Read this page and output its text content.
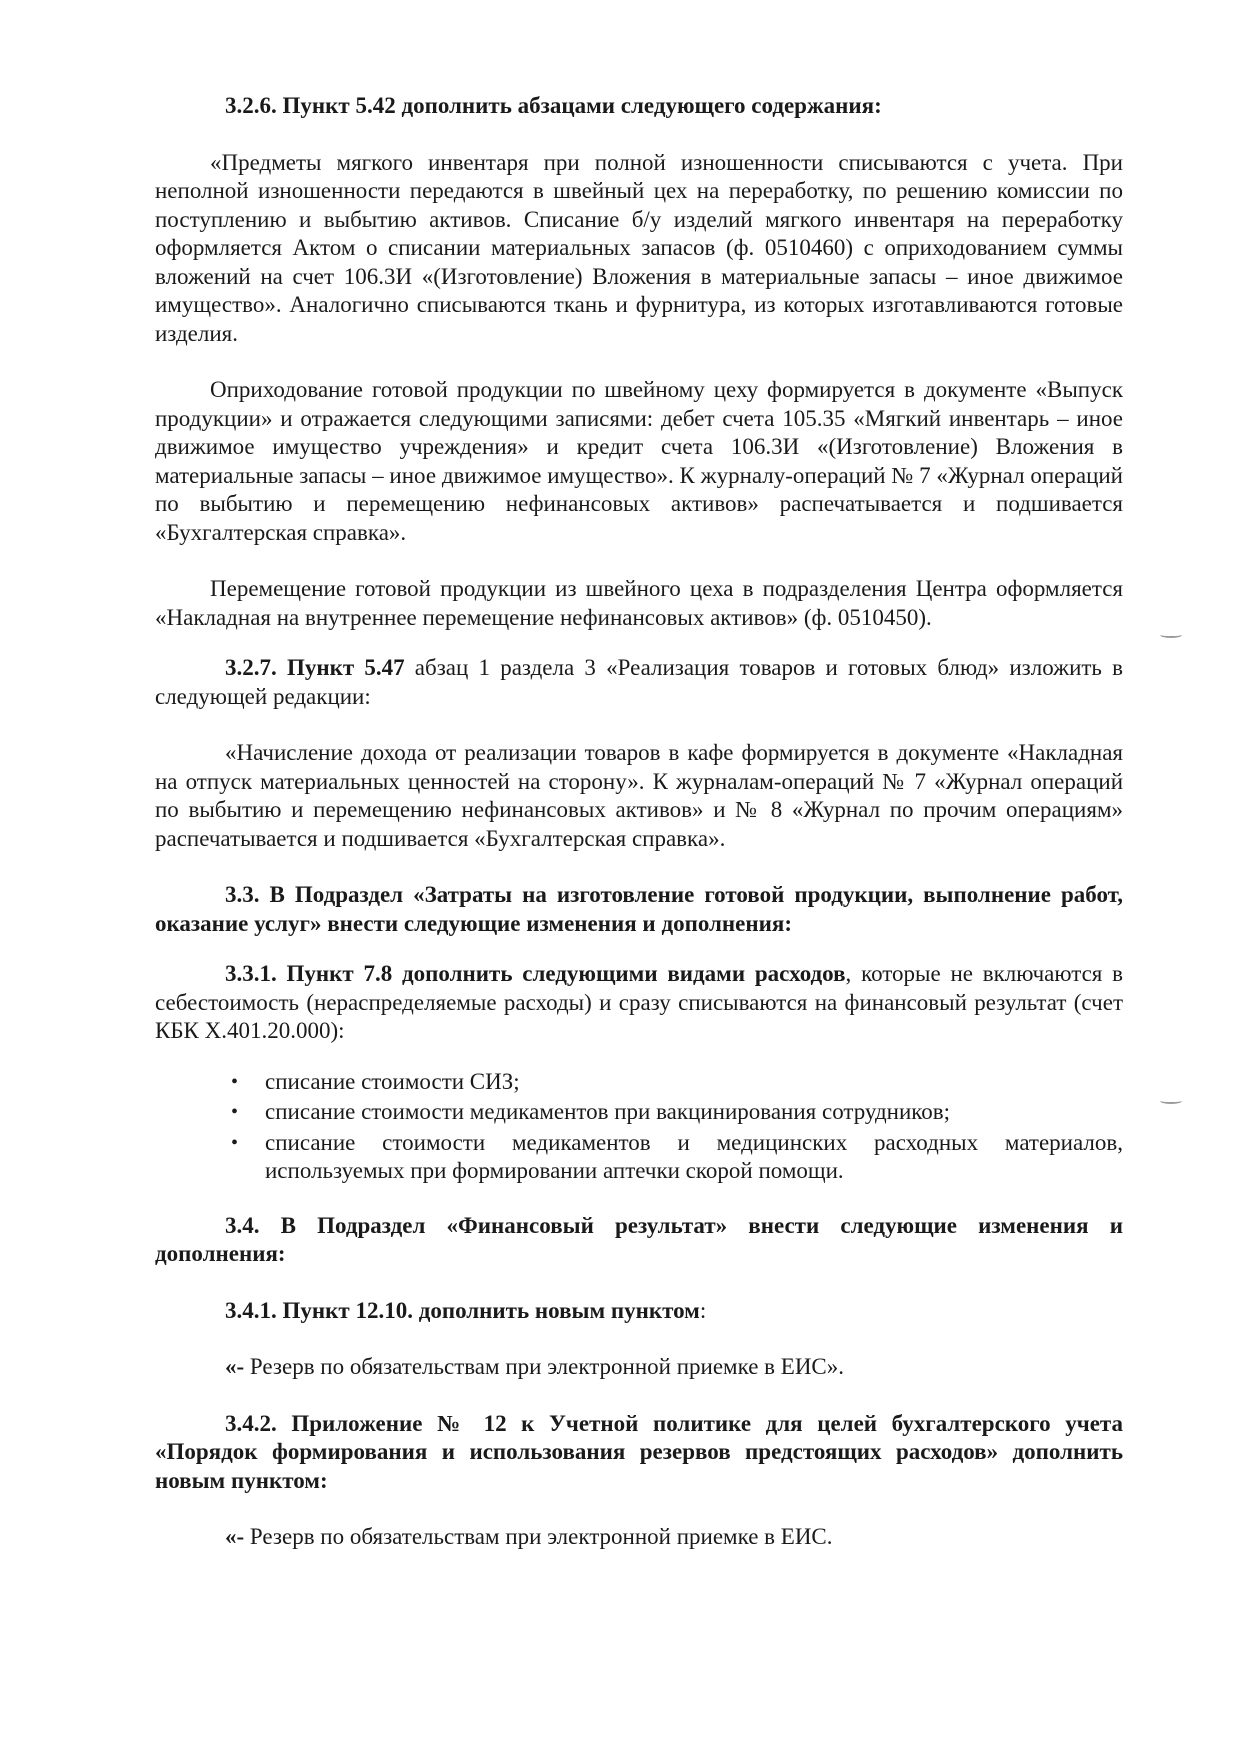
3.2.6. Пункт 5.42 дополнить абзацами следующего содержания:

«Предметы мягкого инвентаря при полной изношенности списываются с учета. При неполной изношенности передаются в швейный цех на переработку, по решению комиссии по поступлению и выбытию активов. Списание б/у изделий мягкого инвентаря на переработку оформляется Актом о списании материальных запасов (ф. 0510460) с оприходованием суммы вложений на счет 106.3И «(Изготовление) Вложения в материальные запасы – иное движимое имущество». Аналогично списываются ткань и фурнитура, из которых изготавливаются готовые изделия.

Оприходование готовой продукции по швейному цеху формируется в документе «Выпуск продукции» и отражается следующими записями: дебет счета 105.35 «Мягкий инвентарь – иное движимое имущество учреждения» и кредит счета 106.3И «(Изготовление) Вложения в материальные запасы – иное движимое имущество». К журналу-операций № 7 «Журнал операций по выбытию и перемещению нефинансовых активов» распечатывается и подшивается «Бухгалтерская справка».

Перемещение готовой продукции из швейного цеха в подразделения Центра оформляется «Накладная на внутреннее перемещение нефинансовых активов» (ф. 0510450).

3.2.7. Пункт 5.47 абзац 1 раздела 3 «Реализация товаров и готовых блюд» изложить в следующей редакции:

«Начисление дохода от реализации товаров в кафе формируется в документе «Накладная на отпуск материальных ценностей на сторону». К журналам-операций № 7 «Журнал операций по выбытию и перемещению нефинансовых активов» и № 8 «Журнал по прочим операциям» распечатывается и подшивается «Бухгалтерская справка».

3.3. В Подраздел «Затраты на изготовление готовой продукции, выполнение работ, оказание услуг» внести следующие изменения и дополнения:

3.3.1. Пункт 7.8 дополнить следующими видами расходов, которые не включаются в себестоимость (нераспределяемые расходы) и сразу списываются на финансовый результат (счет КБК Х.401.20.000):

• списание стоимости СИЗ;
• списание стоимости медикаментов при вакцинирования сотрудников;
• списание стоимости медикаментов и медицинских расходных материалов, используемых при формировании аптечки скорой помощи.

3.4. В Подраздел «Финансовый результат» внести следующие изменения и дополнения:

3.4.1. Пункт 12.10. дополнить новым пунктом:

«- Резерв по обязательствам при электронной приемке в ЕИС».

3.4.2. Приложение № 12 к Учетной политике для целей бухгалтерского учета «Порядок формирования и использования резервов предстоящих расходов» дополнить новым пунктом:

«- Резерв по обязательствам при электронной приемке в ЕИС.
